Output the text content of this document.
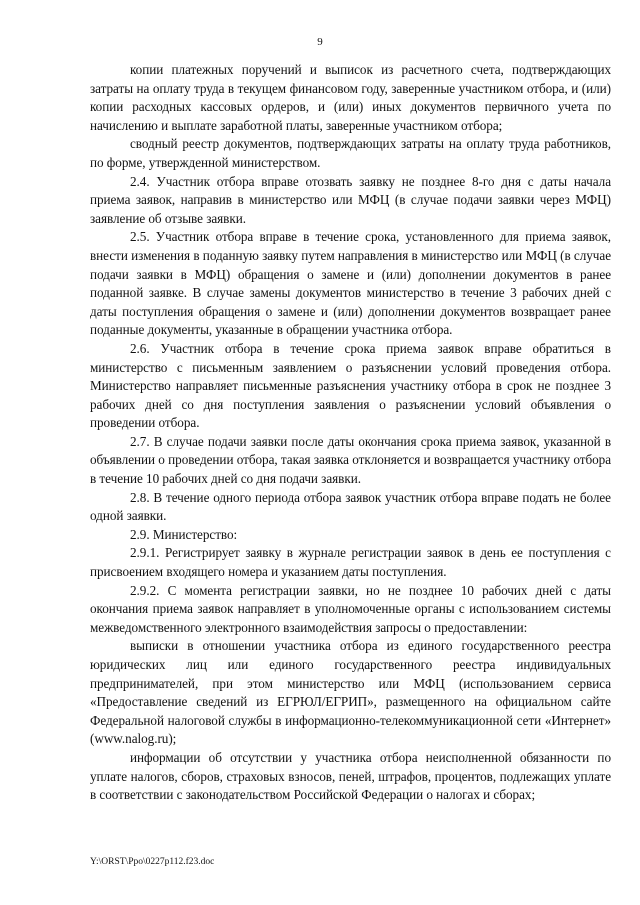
9

копии платежных поручений и выписок из расчетного счета, подтверждающих затраты на оплату труда в текущем финансовом году, заверенные участником отбора, и (или) копии расходных кассовых ордеров, и (или) иных документов первичного учета по начислению и выплате заработной платы, заверенные участником отбора;

сводный реестр документов, подтверждающих затраты на оплату труда работников, по форме, утвержденной министерством.

2.4. Участник отбора вправе отозвать заявку не позднее 8-го дня с даты начала приема заявок, направив в министерство или МФЦ (в случае подачи заявки через МФЦ) заявление об отзыве заявки.

2.5. Участник отбора вправе в течение срока, установленного для приема заявок, внести изменения в поданную заявку путем направления в министерство или МФЦ (в случае подачи заявки в МФЦ) обращения о замене и (или) дополнении документов в ранее поданной заявке. В случае замены документов министерство в течение 3 рабочих дней с даты поступления обращения о замене и (или) дополнении документов возвращает ранее поданные документы, указанные в обращении участника отбора.

2.6. Участник отбора в течение срока приема заявок вправе обратиться в министерство с письменным заявлением о разъяснении условий проведения отбора. Министерство направляет письменные разъяснения участнику отбора в срок не позднее 3 рабочих дней со дня поступления заявления о разъяснении условий объявления о проведении отбора.

2.7. В случае подачи заявки после даты окончания срока приема заявок, указанной в объявлении о проведении отбора, такая заявка отклоняется и возвращается участнику отбора в течение 10 рабочих дней со дня подачи заявки.

2.8. В течение одного периода отбора заявок участник отбора вправе подать не более одной заявки.

2.9. Министерство:

2.9.1. Регистрирует заявку в журнале регистрации заявок в день ее поступления с присвоением входящего номера и указанием даты поступления.

2.9.2. С момента регистрации заявки, но не позднее 10 рабочих дней с даты окончания приема заявок направляет в уполномоченные органы с использованием системы межведомственного электронного взаимодействия запросы о предоставлении:

выписки в отношении участника отбора из единого государственного реестра юридических лиц или единого государственного реестра индивидуальных предпринимателей, при этом министерство или МФЦ (использованием сервиса «Предоставление сведений из ЕГРЮЛ/ЕГРИП», размещенного на официальном сайте Федеральной налоговой службы в информационно-телекоммуникационной сети «Интернет» (www.nalog.ru);

информации об отсутствии у участника отбора неисполненной обязанности по уплате налогов, сборов, страховых взносов, пеней, штрафов, процентов, подлежащих уплате в соответствии с законодательством Российской Федерации о налогах и сборах;

Y:\ORST\Ppo\0227p112.f23.doc
